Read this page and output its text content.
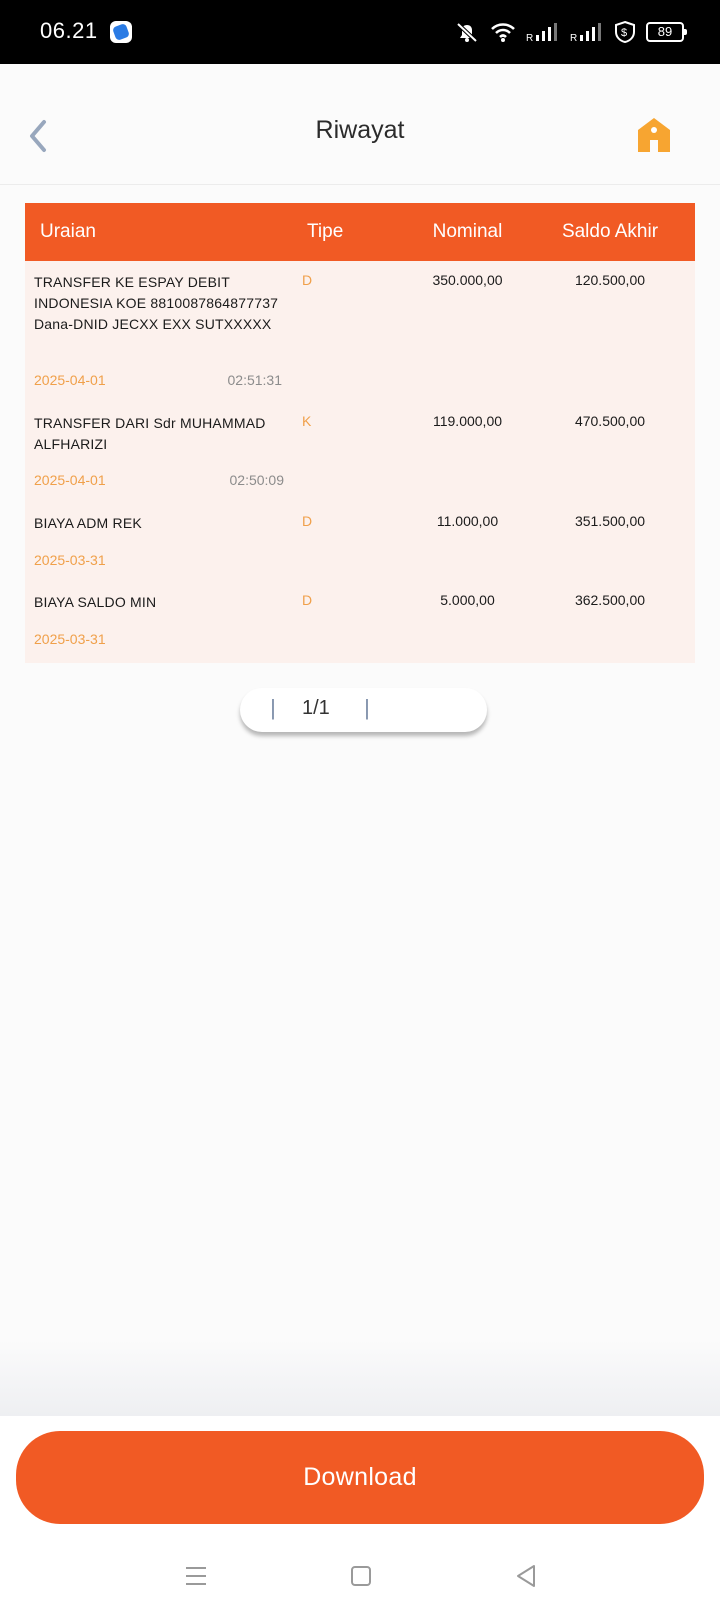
06.21	R	R	$	89
Riwayat
Uraian	Tipe	Nominal	Saldo Akhir
TRANSFER KE ESPAY DEBIT INDONESIA KOE 8810087864877737 Dana-DNID JECXX EXX SUTXXXXX
D	350.000,00	120.500,00
2025-04-01	02:51:31
TRANSFER DARI Sdr MUHAMMAD ALFHARIZI
K	119.000,00	470.500,00
2025-04-01	02:50:09
BIAYA ADM REK	D	11.000,00	351.500,00
2025-03-31
BIAYA SALDO MIN	D	5.000,00	362.500,00
2025-03-31
|	1/1	|
Download
